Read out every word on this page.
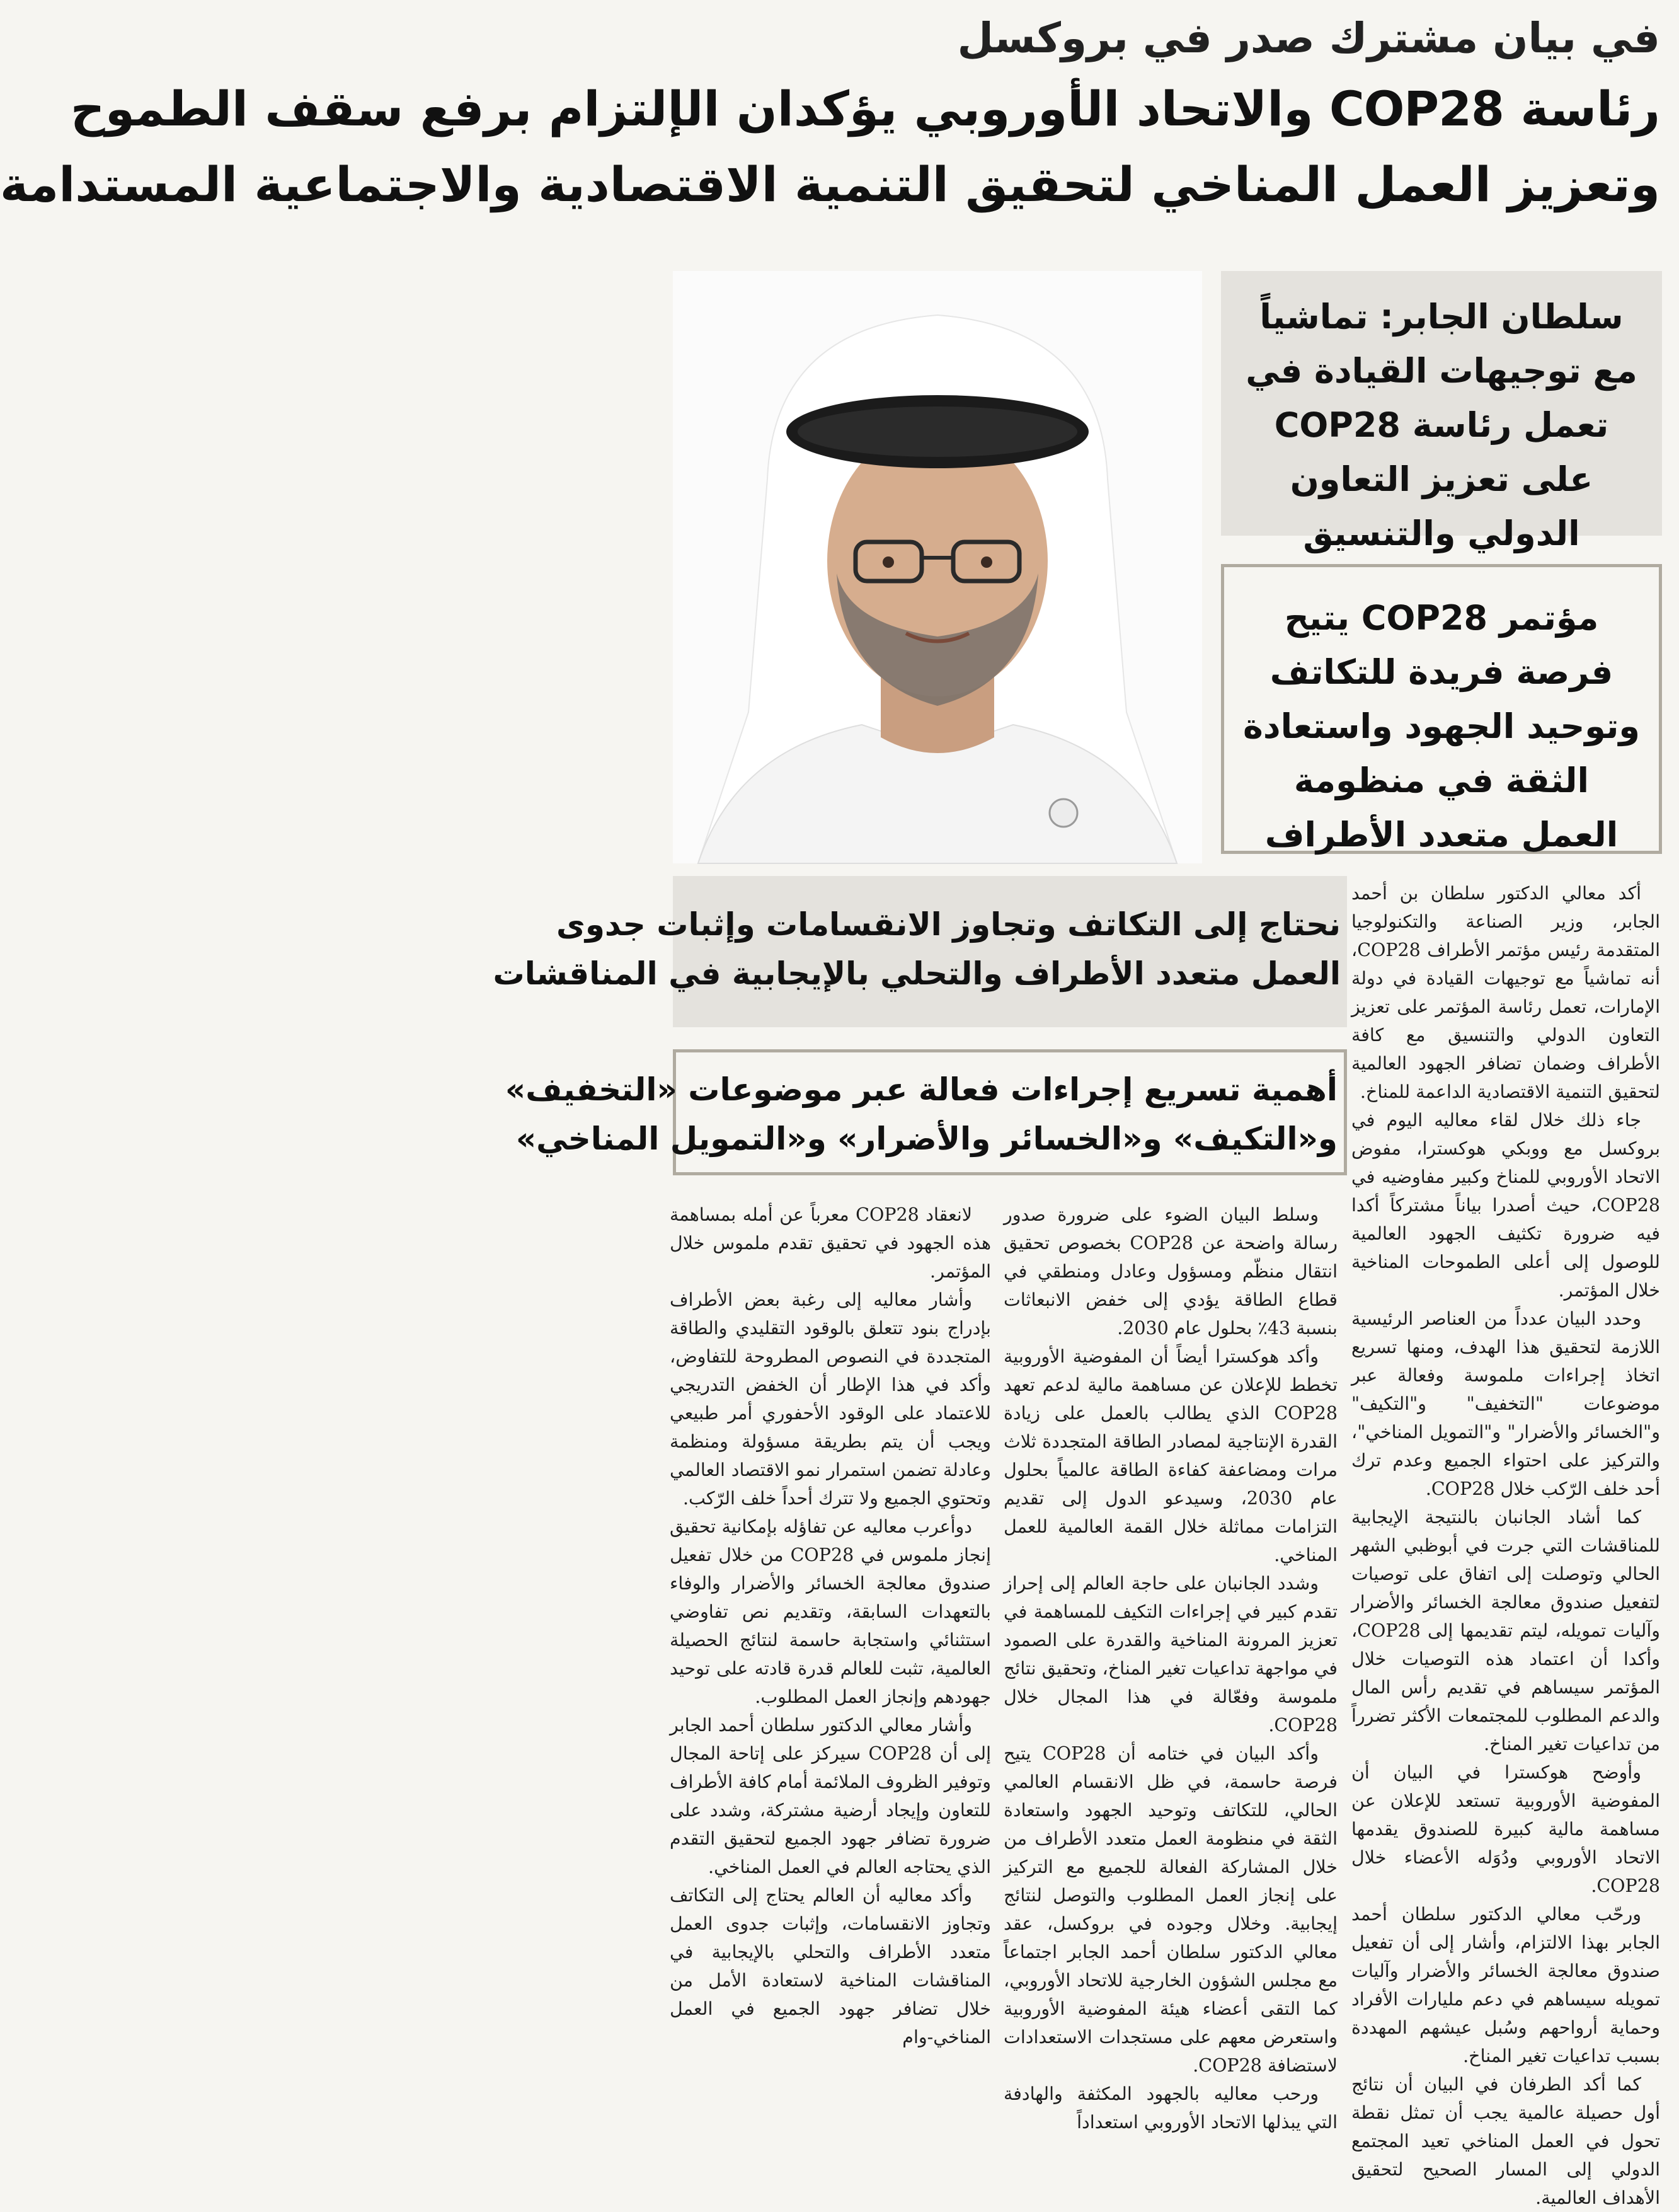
في بيان مشترك صدر في بروكسل
رئاسة COP28 والاتحاد الأوروبي يؤكدان الإلتزام برفع سقف الطموح
وتعزيز العمل المناخي لتحقيق التنمية الاقتصادية والاجتماعية المستدامة
سلطان الجابر: تماشياً مع توجيهات القيادة في تعمل رئاسة COP28 على تعزيز التعاون الدولي والتنسيق
مؤتمر COP28 يتيح فرصة فريدة للتكاتف وتوحيد الجهود واستعادة الثقة في منظومة العمل متعدد الأطراف
نحتاج إلى التكاتف وتجاوز الانقسامات وإثبات جدوى
العمل متعدد الأطراف والتحلي بالإيجابية في المناقشات
أهمية تسريع إجراءات فعالة عبر موضوعات «التخفيف»
و«التكيف» و«الخسائر والأضرار» و«التمويل المناخي»

أكد معالي الدكتور سلطان بن أحمد الجابر، وزير الصناعة والتكنولوجيا المتقدمة رئيس مؤتمر الأطراف COP28، أنه تماشياً مع توجيهات القيادة في دولة الإمارات، تعمل رئاسة المؤتمر على تعزيز التعاون الدولي والتنسيق مع كافة الأطراف وضمان تضافر الجهود العالمية لتحقيق التنمية الاقتصادية الداعمة للمناخ.

جاء ذلك خلال لقاء معاليه اليوم في بروكسل مع ووبكي هوكسترا، مفوض الاتحاد الأوروبي للمناخ وكبير مفاوضيه في COP28، حيث أصدرا بياناً مشتركاً أكدا فيه ضرورة تكثيف الجهود العالمية للوصول إلى أعلى الطموحات المناخية خلال المؤتمر.

وحدد البيان عدداً من العناصر الرئيسية اللازمة لتحقيق هذا الهدف، ومنها تسريع اتخاذ إجراءات ملموسة وفعالة عبر موضوعات "التخفيف" و"التكيف" و"الخسائر والأضرار" و"التمويل المناخي"، والتركيز على احتواء الجميع وعدم ترك أحد خلف الرّكب خلال COP28.

كما أشاد الجانبان بالنتيجة الإيجابية للمناقشات التي جرت في أبوظبي الشهر الحالي وتوصلت إلى اتفاق على توصيات لتفعيل صندوق معالجة الخسائر والأضرار وآليات تمويله، ليتم تقديمها إلى COP28، وأكدا أن اعتماد هذه التوصيات خلال المؤتمر سيساهم في تقديم رأس المال والدعم المطلوب للمجتمعات الأكثر تضرراً من تداعيات تغير المناخ.

وأوضح هوكسترا في البيان أن المفوضية الأوروبية تستعد للإعلان عن مساهمة مالية كبيرة للصندوق يقدمها الاتحاد الأوروبي ودُوَله الأعضاء خلال COP28.

ورحّب معالي الدكتور سلطان أحمد الجابر بهذا الالتزام، وأشار إلى أن تفعيل صندوق معالجة الخسائر والأضرار وآليات تمويله سيساهم في دعم مليارات الأفراد وحماية أرواحهم وسُبل عيشهم المهددة بسبب تداعيات تغير المناخ.

كما أكد الطرفان في البيان أن نتائج أول حصيلة عالمية يجب أن تمثل نقطة تحول في العمل المناخي تعيد المجتمع الدولي إلى المسار الصحيح لتحقيق الأهداف العالمية.

وسلط البيان الضوء على ضرورة صدور رسالة واضحة عن COP28 بخصوص تحقيق انتقال منظّم ومسؤول وعادل ومنطقي في قطاع الطاقة يؤدي إلى خفض الانبعاثات بنسبة 43٪ بحلول عام 2030.

وأكد هوكسترا أيضاً أن المفوضية الأوروبية تخطط للإعلان عن مساهمة مالية لدعم تعهد COP28 الذي يطالب بالعمل على زيادة القدرة الإنتاجية لمصادر الطاقة المتجددة ثلاث مرات ومضاعفة كفاءة الطاقة عالمياً بحلول عام 2030، وسيدعو الدول إلى تقديم التزامات مماثلة خلال القمة العالمية للعمل المناخي.

وشدد الجانبان على حاجة العالم إلى إحراز تقدم كبير في إجراءات التكيف للمساهمة في تعزيز المرونة المناخية والقدرة على الصمود في مواجهة تداعيات تغير المناخ، وتحقيق نتائج ملموسة وفعّالة في هذا المجال خلال COP28.

وأكد البيان في ختامه أن COP28 يتيح فرصة حاسمة، في ظل الانقسام العالمي الحالي، للتكاتف وتوحيد الجهود واستعادة الثقة في منظومة العمل متعدد الأطراف من خلال المشاركة الفعالة للجميع مع التركيز على إنجاز العمل المطلوب والتوصل لنتائج إيجابية. وخلال وجوده في بروكسل، عقد معالي الدكتور سلطان أحمد الجابر اجتماعاً مع مجلس الشؤون الخارجية للاتحاد الأوروبي، كما التقى أعضاء هيئة المفوضية الأوروبية واستعرض معهم على مستجدات الاستعدادات لاستضافة COP28.

ورحب معاليه بالجهود المكثفة والهادفة التي يبذلها الاتحاد الأوروبي استعداداً

لانعقاد COP28 معرباً عن أمله بمساهمة هذه الجهود في تحقيق تقدم ملموس خلال المؤتمر.

وأشار معاليه إلى رغبة بعض الأطراف بإدراج بنود تتعلق بالوقود التقليدي والطاقة المتجددة في النصوص المطروحة للتفاوض، وأكد في هذا الإطار أن الخفض التدريجي للاعتماد على الوقود الأحفوري أمر طبيعي ويجب أن يتم بطريقة مسؤولة ومنظمة وعادلة تضمن استمرار نمو الاقتصاد العالمي وتحتوي الجميع ولا تترك أحداً خلف الرّكب.

دوأعرب معاليه عن تفاؤله بإمكانية تحقيق إنجاز ملموس في COP28 من خلال تفعيل صندوق معالجة الخسائر والأضرار والوفاء بالتعهدات السابقة، وتقديم نص تفاوضي استثنائي واستجابة حاسمة لنتائج الحصيلة العالمية، تثبت للعالم قدرة قادته على توحيد جهودهم وإنجاز العمل المطلوب.

وأشار معالي الدكتور سلطان أحمد الجابر إلى أن COP28 سيركز على إتاحة المجال وتوفير الظروف الملائمة أمام كافة الأطراف للتعاون وإيجاد أرضية مشتركة، وشدد على ضرورة تضافر جهود الجميع لتحقيق التقدم الذي يحتاجه العالم في العمل المناخي.

وأكد معاليه أن العالم يحتاج إلى التكاتف وتجاوز الانقسامات، وإثبات جدوى العمل متعدد الأطراف والتحلي بالإيجابية في المناقشات المناخية لاستعادة الأمل من خلال تضافر جهود الجميع في العمل المناخي-وام
